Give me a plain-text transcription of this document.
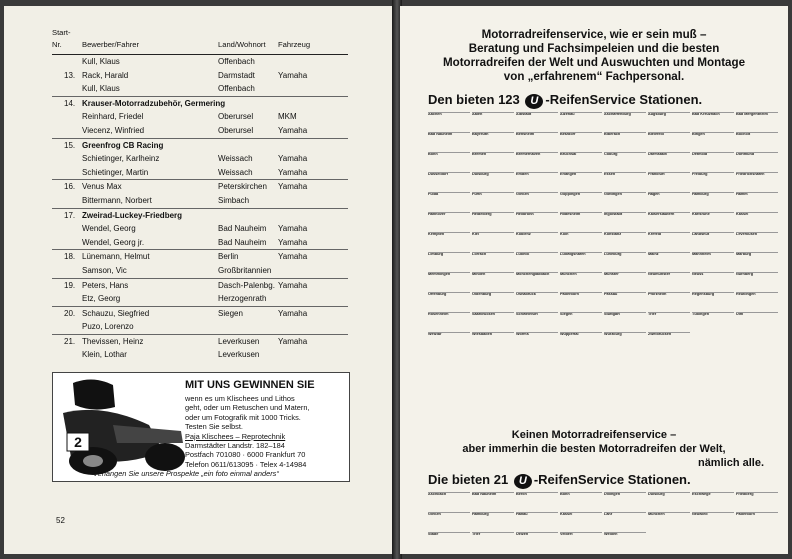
Start-
Nr.	Bewerber/Fahrer	Land/Wohnort Fahrzeug
Kull, Klaus	Offenbach
13. Rack, Harald	Darmstadt	Yamaha
Kull, Klaus	Offenbach
14. Krauser-Motorradzubehör, Germering
Reinhard, Friedel	Oberursel	MKM
Viecenz, Winfried	Oberursel	Yamaha
15. Greenfrog CB Racing
Schietinger, Karlheinz	Weissach	Yamaha
Schietinger, Martin	Weissach	Yamaha
16. Venus Max	Peterskirchen Yamaha
Bittermann, Norbert	Simbach
17. Zweirad-Luckey-Friedberg
Wendel, Georg	Bad Nauheim Yamaha
Wendel, Georg jr.	Bad Nauheim Yamaha
18. Lünemann, Helmut	Berlin	Yamaha
Samson, Vic	Großbritannien
19. Peters, Hans	Dasch-Palenbg. Yamaha
Etz, Georg	Herzogenrath
20. Schauzu, Siegfried	Siegen	Yamaha
Puzo, Lorenzo
21. Thevissen, Heinz	Leverkusen Yamaha
Klein, Lothar	Leverkusen
2
MIT UNS GEWINNEN SIE
wenn es um Klischees und Lithos
geht, oder um Retuschen und Matern,
oder um Fotografik mit 1000 Tricks.
Testen Sie selbst.
Paja Klischees – Reprotechnik
Darmstädter Landstr. 182–184
Postfach 701080 · 6000 Frankfurt 70
Telefon 0611/613095 · Telex 4-14984
Verlangen Sie unsere Prospekte „ein foto einmal anders“
52
Motorradreifenservice, wie er sein muß –
Beratung und Fachsimpeleien und die besten
Motorradreifen der Welt und Auswuchten und Montage
von „erfahrenem“ Fachpersonal.
Den bieten 123 U -ReifenService Stationen.
Aachen	Aalen	Albstadt	Alzenau	Aschaffenburg	Augsburg	Bad Kreuznach	Bad Mergentheim
Bad Nauheim	Bayreuth	Bensheim	Betzdorf	Biberach	Bielefeld	Bingen	Bocholt
Bonn	Bremen	Bremerhaven	Bruchsal	Coburg	Darmstadt	Detmold	Dortmund
Düsseldorf	Duisburg	Emden	Erlangen	Essen	Frankfurt	Freiburg	Friedrichshafen
Fulda	Fürth	Gießen	Göppingen	Göttingen	Hagen	Hamburg	Hamm
Hannover	Heidelberg	Heilbronn	Hildesheim	Ingolstadt	Kaiserslautern	Karlsruhe	Kassel
Kempten	Kiel	Koblenz	Köln	Konstanz	Krefeld	Landshut	Leverkusen
Limburg	Lörrach	Lübeck	Ludwigshafen	Lüneburg	Mainz	Mannheim	Marburg
Memmingen	Minden	Mönchengladbach	München	Münster	Neumünster	Neuss	Nürnberg
Offenburg	Oldenburg	Osnabrück	Paderborn	Passau	Pforzheim	Regensburg	Reutlingen
Rosenheim	Saarbrücken	Schweinfurt	Siegen	Stuttgart	Trier	Tübingen	Ulm
Wetzlar	Wiesbaden	Worms	Wuppertal	Würzburg	Zweibrücken
Keinen Motorradreifenservice –
aber immerhin die besten Motorradreifen der Welt,
nämlich alle.
Die bieten 21 U -ReifenService Stationen.
Aschbach	Bad Nauheim	Berlin	Bonn	Dillingen	Duisburg	Eschwege	Friedberg
Gießen	Hamburg	Hanau	Kassel	Lahr	München	Neuwied	Paderborn
Stade	Trier	Uelzen	Velbert	Weiden
